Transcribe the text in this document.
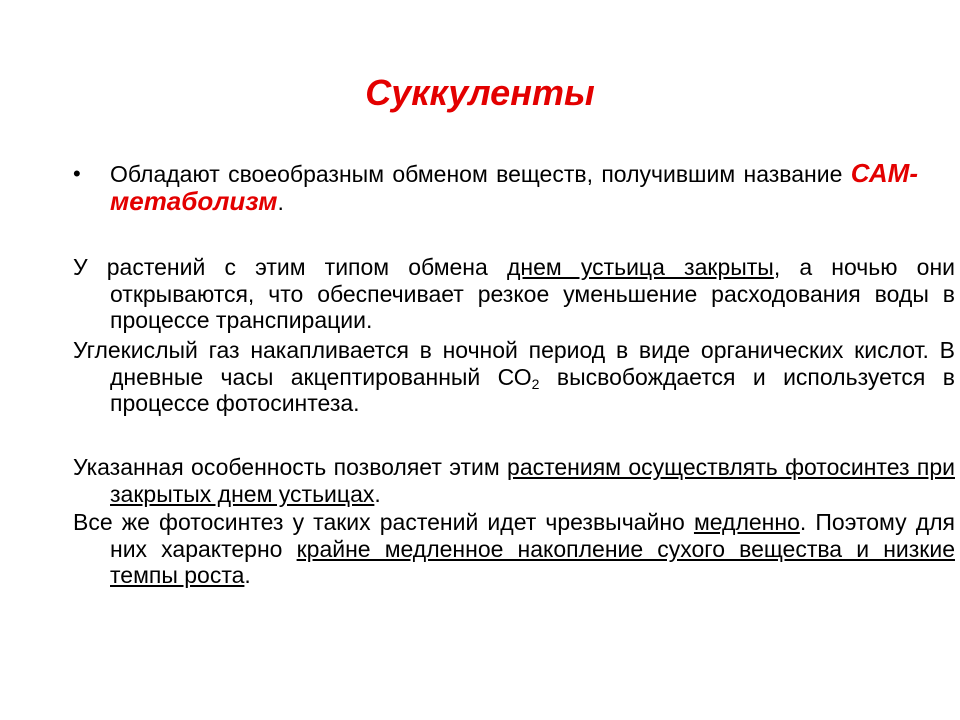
Суккуленты
• Обладают своеобразным обменом веществ, получившим название САМ-метаболизм.
У растений с этим типом обмена днем устьица закрыты, а ночью они открываются, что обеспечивает резкое уменьшение расходования воды в процессе транспирации.
Углекислый газ накапливается в ночной период в виде органических кислот. В дневные часы акцептированный $СО_2$ высвобождается и используется в процессе фотосинтеза.
Указанная особенность позволяет этим растениям осуществлять фотосинтез при закрытых днем устьицах.
Все же фотосинтез у таких растений идет чрезвычайно медленно. Поэтому для них характерно крайне медленное накопление сухого вещества и низкие темпы роста.
